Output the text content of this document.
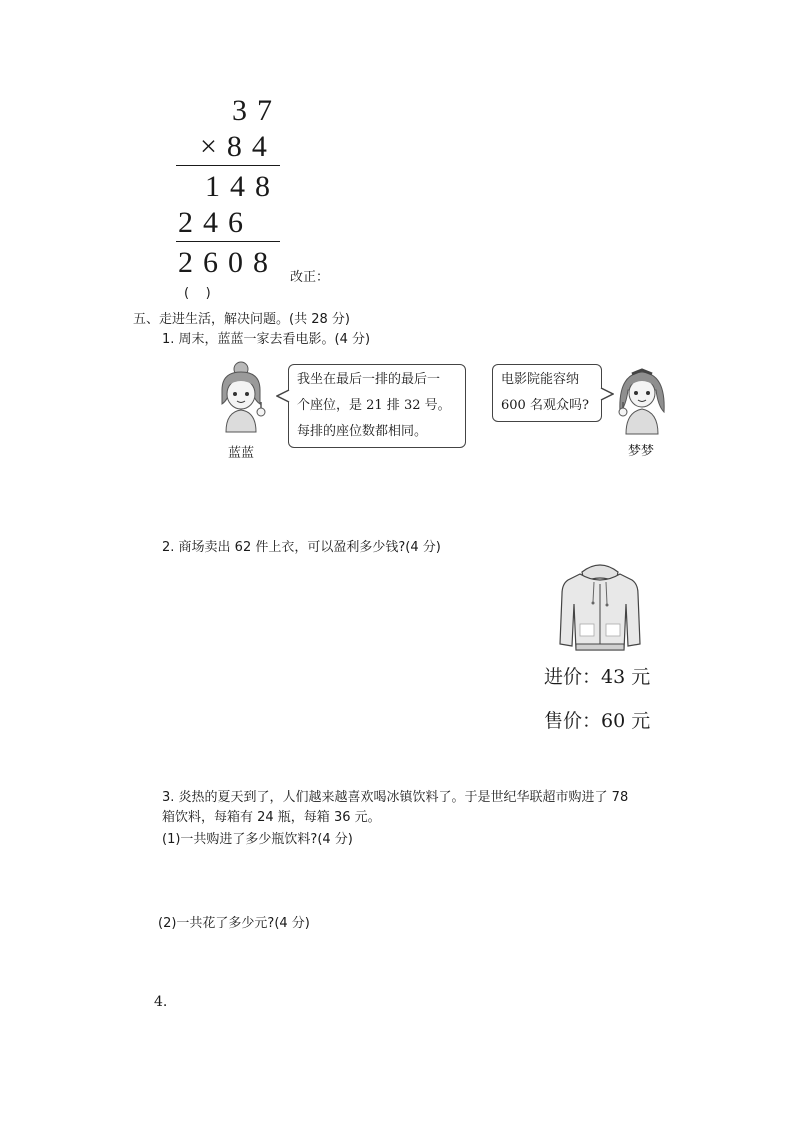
37
×84
148
246
2608 改正：
(    )
五、走进生活，解决问题。(共 28 分)
1. 周末，蓝蓝一家去看电影。(4 分)
蓝蓝
我坐在最后一排的最后一
个座位，是 21 排 32 号。
每排的座位数都相同。
电影院能容纳
600 名观众吗?
梦梦
2. 商场卖出 62 件上衣，可以盈利多少钱?(4 分)
进价：43 元
售价：60 元
3. 炎热的夏天到了，人们越来越喜欢喝冰镇饮料了。于是世纪华联超市购进了 78
箱饮料，每箱有 24 瓶，每箱 36 元。
(1)一共购进了多少瓶饮料?(4 分)
(2)一共花了多少元?(4 分)
4.
